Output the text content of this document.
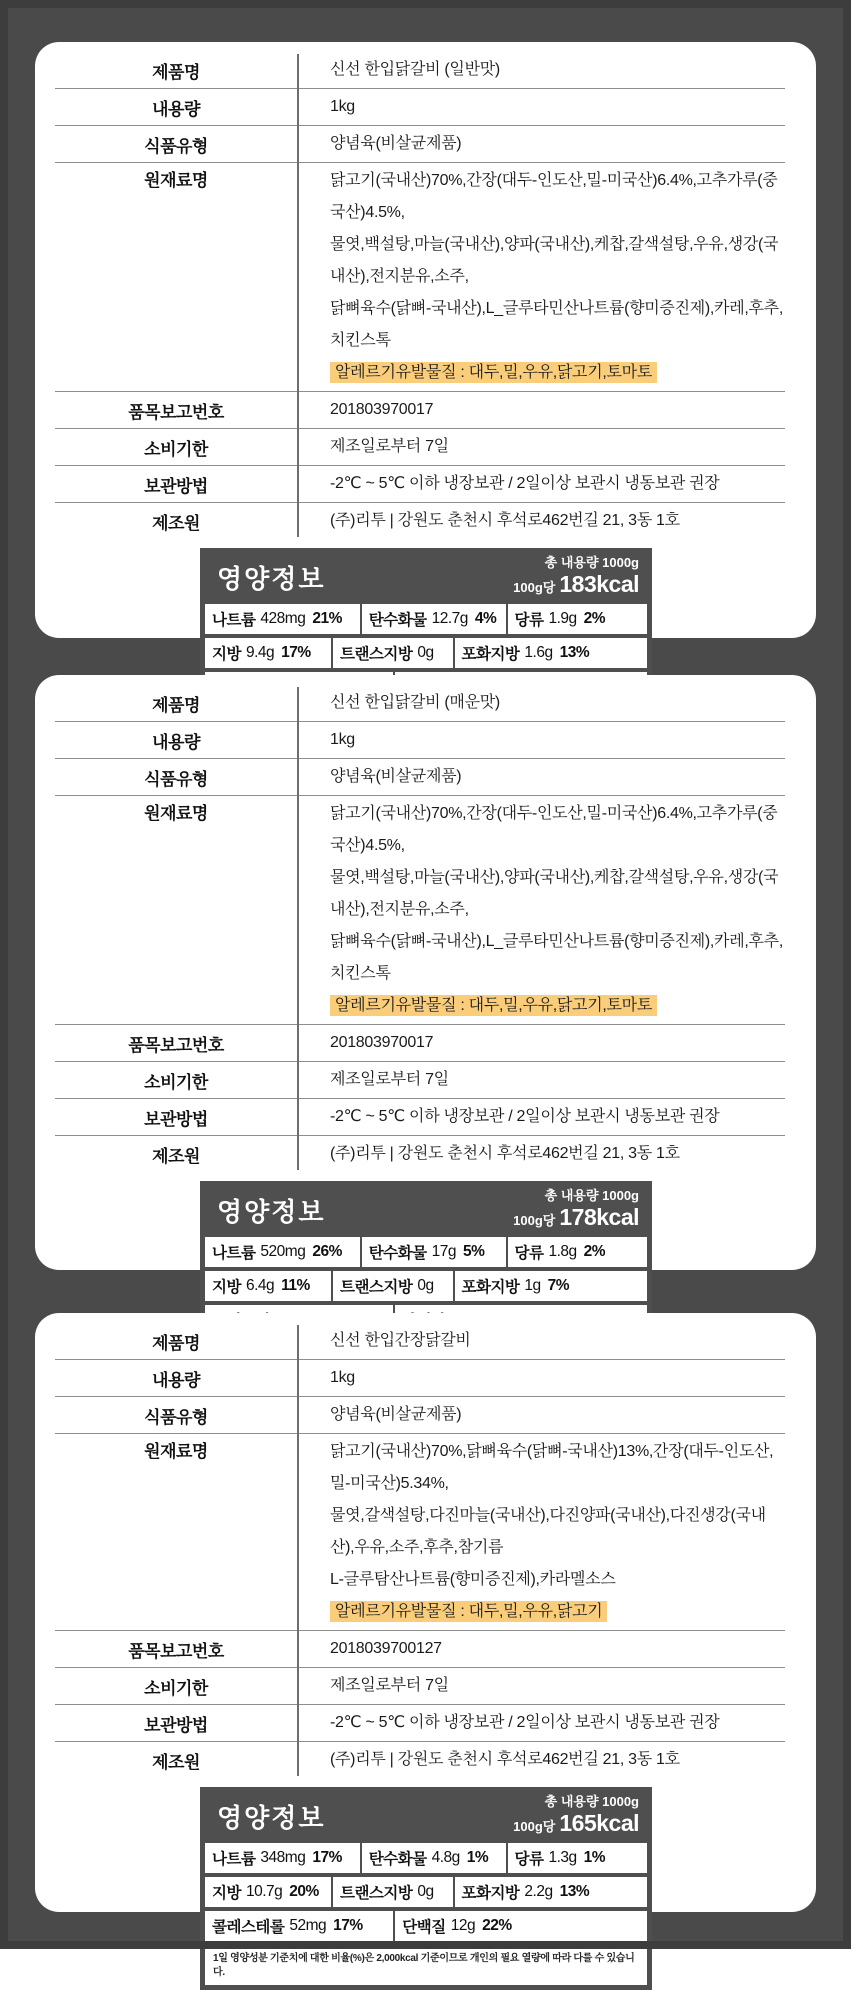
제품명	신선 한입닭갈비 (일반맛)
내용량	1kg
식품유형	양념육(비살균제품)
원재료명	닭고기(국내산)70%,간장(대두-인도산,밀-미국산)6.4%,고추가루(중국산)4.5%,
물엿,백설탕,마늘(국내산),양파(국내산),케찹,갈색설탕,우유,생강(국내산),전지분유,소주,
닭뼈육수(닭뼈-국내산),L_글루타민산나트륨(향미증진제),카레,후추,치킨스톡
알레르기유발물질 : 대두,밀,우유,닭고기,토마토
품목보고번호	201803970017
소비기한	제조일로부터 7일
보관방법	-2℃ ~ 5℃ 이하 냉장보관 / 2일이상 보관시 냉동보관 권장
제조원	(주)리투 | 강원도 춘천시 후석로462번길 21, 3동 1호
영양정보
총 내용량 1000g
100g당 183kcal
나트륨 428mg 21% 탄수화물 12.7g 4% 당류 1.9g 2%
지방 9.4g 17% 트랜스지방 0g 포화지방 1.6g 13%
제품명	신선 한입닭갈비 (매운맛)
내용량	1kg
식품유형	양념육(비살균제품)
원재료명	닭고기(국내산)70%,간장(대두-인도산,밀-미국산)6.4%,고추가루(중국산)4.5%,
물엿,백설탕,마늘(국내산),양파(국내산),케찹,갈색설탕,우유,생강(국내산),전지분유,소주,
닭뼈육수(닭뼈-국내산),L_글루타민산나트륨(향미증진제),카레,후추,치킨스톡
알레르기유발물질 : 대두,밀,우유,닭고기,토마토
품목보고번호	201803970017
소비기한	제조일로부터 7일
보관방법	-2℃ ~ 5℃ 이하 냉장보관 / 2일이상 보관시 냉동보관 권장
제조원	(주)리투 | 강원도 춘천시 후석로462번길 21, 3동 1호
영양정보
총 내용량 1000g
100g당 178kcal
나트륨 520mg 26% 탄수화물 17g 5% 당류 1.8g 2%
지방 6.4g 11% 트랜스지방 0g 포화지방 1g 7%
제품명	신선 한입간장닭갈비
내용량	1kg
식품유형	양념육(비살균제품)
원재료명	닭고기(국내산)70%,닭뼈육수(닭뼈-국내산)13%,간장(대두-인도산,밀-미국산)5.34%,
물엿,갈색설탕,다진마늘(국내산),다진양파(국내산),다진생강(국내산),우유,소주,후추,참기름
L-글루탐산나트륨(향미증진제),카라멜소스
알레르기유발물질 : 대두,밀,우유,닭고기
품목보고번호	2018039700127
소비기한	제조일로부터 7일
보관방법	-2℃ ~ 5℃ 이하 냉장보관 / 2일이상 보관시 냉동보관 권장
제조원	(주)리투 | 강원도 춘천시 후석로462번길 21, 3동 1호
영양정보
총 내용량 1000g
100g당 165kcal
나트륨 348mg 17% 탄수화물 4.8g 1% 당류 1.3g 1%
지방 10.7g 20% 트랜스지방 0g 포화지방 2.2g 13%
콜레스테롤 52mg 17%	단백질 12g 22%
1일 영양성분 기준치에 대한 비율(%)은 2,000kcal 기준이므로 개인의 필요 열량에 따라 다를 수 있습니다.
